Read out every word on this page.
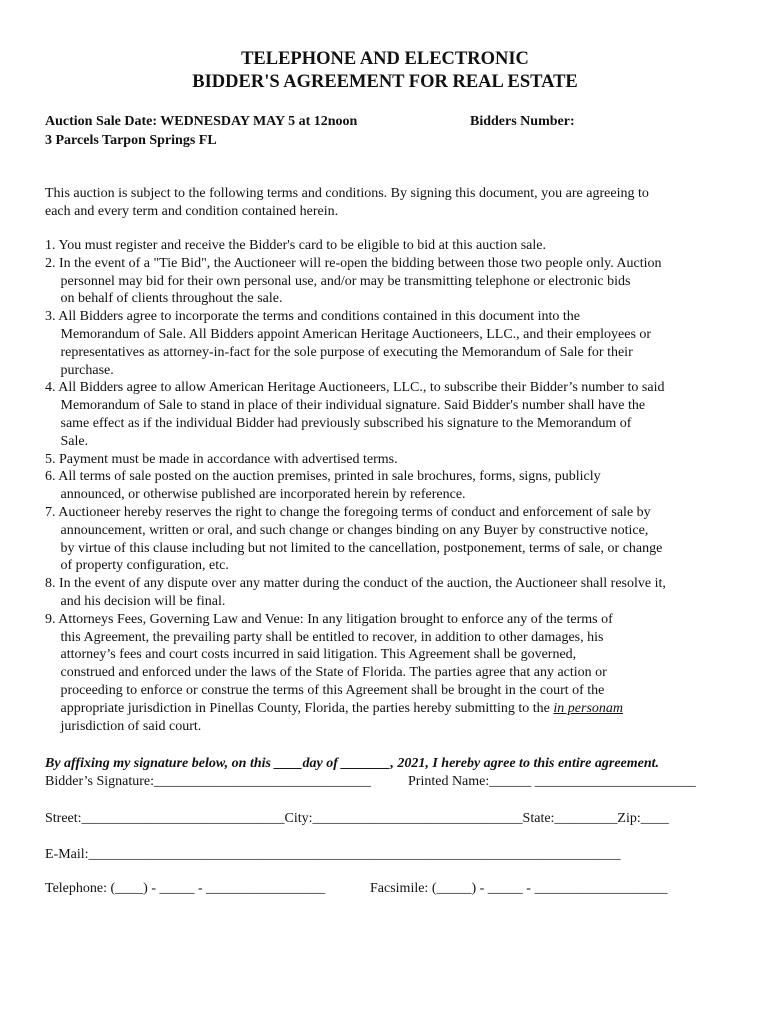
TELEPHONE AND ELECTRONIC
BIDDER'S AGREEMENT FOR REAL ESTATE
Auction Sale Date: WEDNESDAY MAY 5 at 12noon
3 Parcels Tarpon Springs FL
Bidders Number:
This auction is subject to the following terms and conditions. By signing this document, you are agreeing to
each and every term and condition contained herein.
1. You must register and receive the Bidder's card to be eligible to bid at this auction sale.
2. In the event of a "Tie Bid", the Auctioneer will re-open the bidding between those two people only. Auction
personnel may bid for their own personal use, and/or may be transmitting telephone or electronic bids
on behalf of clients throughout the sale.
3. All Bidders agree to incorporate the terms and conditions contained in this document into the
Memorandum of Sale. All Bidders appoint American Heritage Auctioneers, LLC., and their employees or
representatives as attorney-in-fact for the sole purpose of executing the Memorandum of Sale for their
purchase.
4. All Bidders agree to allow American Heritage Auctioneers, LLC., to subscribe their Bidder’s number to said
Memorandum of Sale to stand in place of their individual signature. Said Bidder's number shall have the
same effect as if the individual Bidder had previously subscribed his signature to the Memorandum of
Sale.
5. Payment must be made in accordance with advertised terms.
6. All terms of sale posted on the auction premises, printed in sale brochures, forms, signs, publicly
announced, or otherwise published are incorporated herein by reference.
7. Auctioneer hereby reserves the right to change the foregoing terms of conduct and enforcement of sale by
announcement, written or oral, and such change or changes binding on any Buyer by constructive notice,
by virtue of this clause including but not limited to the cancellation, postponement, terms of sale, or change
of property configuration, etc.
8. In the event of any dispute over any matter during the conduct of the auction, the Auctioneer shall resolve it,
and his decision will be final.
9. Attorneys Fees, Governing Law and Venue: In any litigation brought to enforce any of the terms of
this Agreement, the prevailing party shall be entitled to recover, in addition to other damages, his
attorney’s fees and court costs incurred in said litigation. This Agreement shall be governed,
construed and enforced under the laws of the State of Florida. The parties agree that any action or
proceeding to enforce or construe the terms of this Agreement shall be brought in the court of the
appropriate jurisdiction in Pinellas County, Florida, the parties hereby submitting to the in personam
jurisdiction of said court.
By affixing my signature below, on this ____day of _______, 2021, I hereby agree to this entire agreement.
Bidder’s Signature:_______________________________	Printed Name:______ _______________________
Street:_____________________________City:______________________________State:_________Zip:____
E-Mail:____________________________________________________________________________
Telephone: (____) - _____ - _________________	Facsimile: (_____) - _____ - ___________________
